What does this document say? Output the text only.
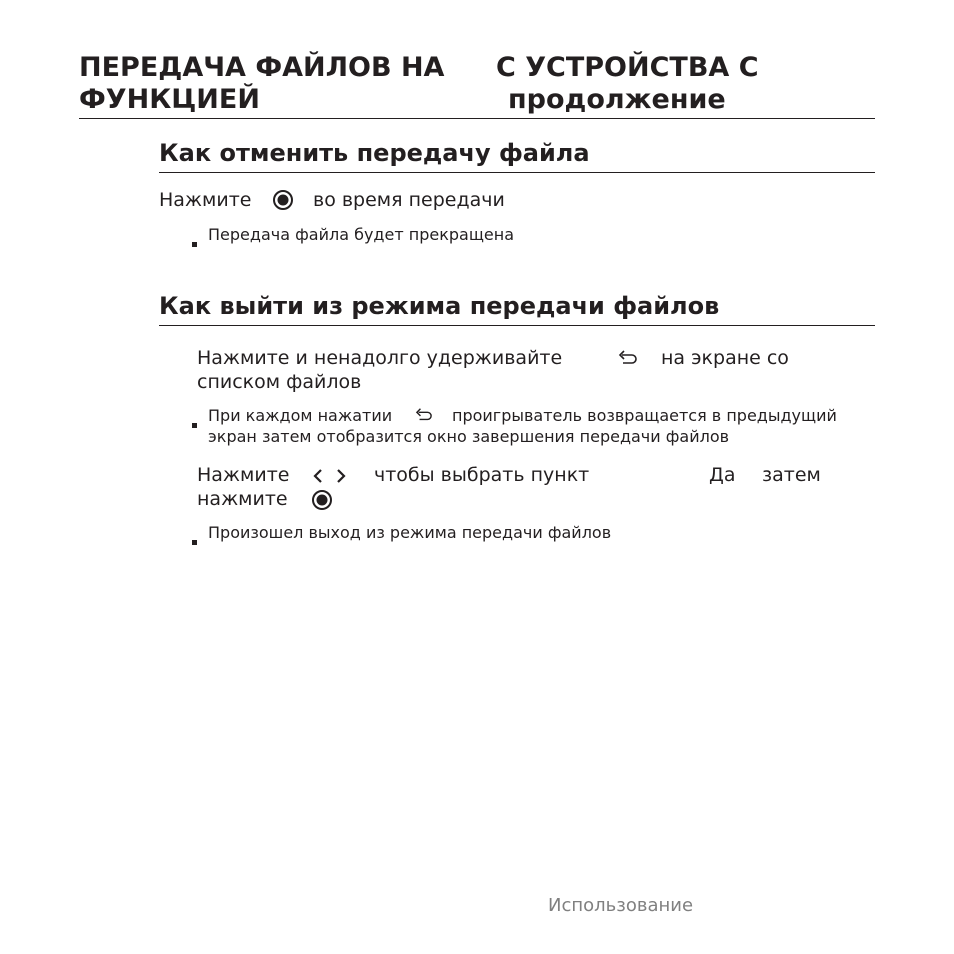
ПЕРЕДАЧА ФАЙЛОВ НА С УСТРОЙСТВА С
ФУНКЦИЕЙ	продолжение
Как отменить передачу файла
Нажмите	во время передачи
Передача файла будет прекращена
Как выйти из режима передачи файлов
Нажмите и ненадолго удерживайте	на экране со
списком файлов
При каждом нажатии	проигрыватель возвращается в предыдущий
экран затем отобразится окно завершения передачи файлов
Нажмите	чтобы выбрать пункт	Да затем
нажмите
Произошел выход из режима передачи файлов
Использование
